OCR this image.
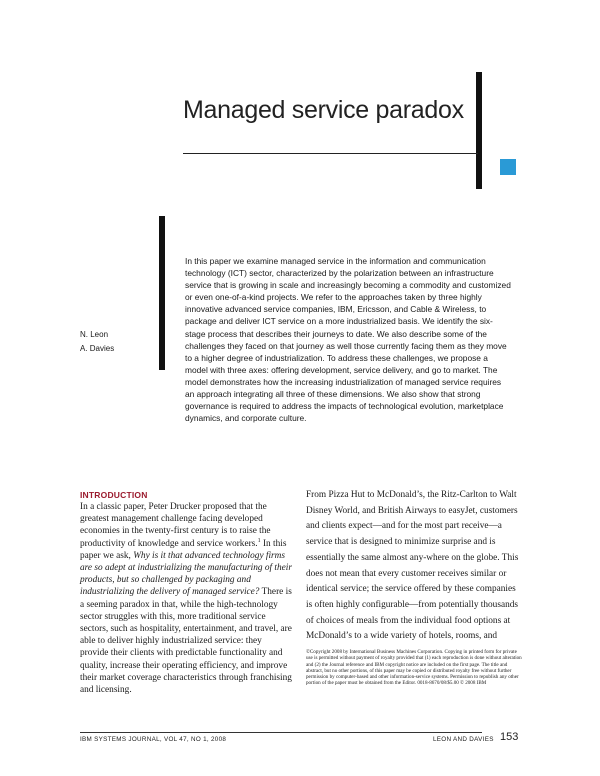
Managed service paradox

In this paper we examine managed service in the information and communication technology (ICT) sector, characterized by the polarization between an infrastructure service that is growing in scale and increasingly becoming a commodity and customized or even one-of-a-kind projects. We refer to the approaches taken by three highly innovative advanced service companies, IBM, Ericsson, and Cable & Wireless, to package and deliver ICT service on a more industrialized basis. We identify the six-stage process that describes their journeys to date. We also describe some of the challenges they faced on that journey as well those currently facing them as they move to a higher degree of industrialization. To address these challenges, we propose a model with three axes: offering development, service delivery, and go to market. The model demonstrates how the increasing industrialization of managed service requires an approach integrating all three of these dimensions. We also show that strong governance is required to address the impacts of technological evolution, marketplace dynamics, and corporate culture.

N. Leon
A. Davies
INTRODUCTION

In a classic paper, Peter Drucker proposed that the greatest management challenge facing developed economies in the twenty-first century is to raise the productivity of knowledge and service workers.$^1$ In this paper we ask, Why is it that advanced technology firms are so adept at industrializing the manufacturing of their products, but so challenged by packaging and industrializing the delivery of managed service? There is a seeming paradox in that, while the high-technology sector struggles with this, more traditional service sectors, such as hospitality, entertainment, and travel, are able to deliver highly industrialized service: they provide their clients with predictable functionality and quality, increase their operating efficiency, and improve their market coverage characteristics through franchising and licensing.

From Pizza Hut to McDonald’s, the Ritz-Carlton to Walt Disney World, and British Airways to easyJet, customers and clients expect—and for the most part receive—a service that is designed to minimize surprise and is essentially the same almost any-where on the globe. This does not mean that every customer receives similar or identical service; the service offered by these companies is often highly configurable—from potentially thousands of choices of meals from the individual food options at McDonald’s to a wide variety of hotels, rooms, and

©Copyright 2008 by International Business Machines Corporation. Copying in printed form for private use is permitted without payment of royalty provided that (1) each reproduction is done without alteration and (2) the Journal reference and IBM copyright notice are included on the first page. The title and abstract, but no other portions, of this paper may be copied or distributed royalty free without further permission by computer-based and other information-service systems. Permission to republish any other portion of the paper must be obtained from the Editor. 0018-8670/08/$5.00 © 2008 IBM

IBM SYSTEMS JOURNAL, VOL 47, NO 1, 2008	LEON AND DAVIES 153
